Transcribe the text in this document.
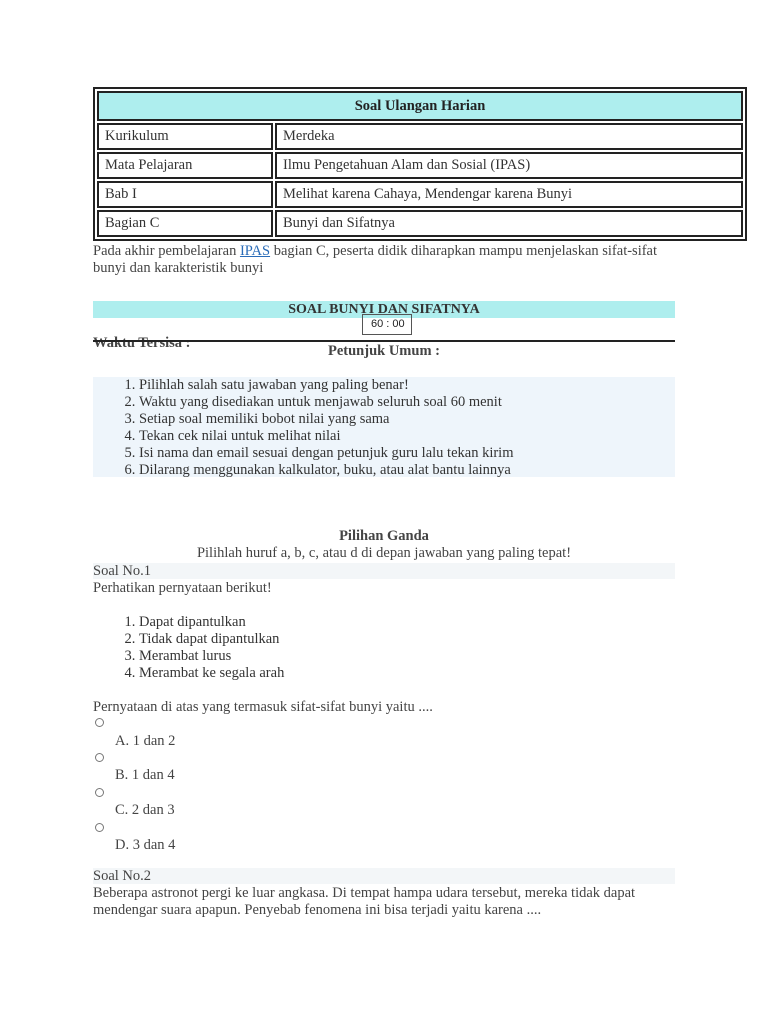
Soal Ulangan Harian	
Kurikulum	Merdeka
Mata Pelajaran	Ilmu Pengetahuan Alam dan Sosial (IPAS)
Bab I	Melihat karena Cahaya, Mendengar karena Bunyi
Bagian C	Bunyi dan Sifatnya

Pada akhir pembelajaran IPAS bagian C, peserta didik diharapkan mampu menjelaskan sifat-sifat bunyi dan karakteristik bunyi

SOAL BUNYI DAN SIFATNYA
Waktu Tersisa :
60 : 00
Petunjuk Umum :
1. Pilihlah salah satu jawaban yang paling benar!
2. Waktu yang disediakan untuk menjawab seluruh soal 60 menit
3. Setiap soal memiliki bobot nilai yang sama
4. Tekan cek nilai untuk melihat nilai
5. Isi nama dan email sesuai dengan petunjuk guru lalu tekan kirim
6. Dilarang menggunakan kalkulator, buku, atau alat bantu lainnya
Pilihan Ganda
Pilihlah huruf a, b, c, atau d di depan jawaban yang paling tepat!
Soal No.1
Perhatikan pernyataan berikut!
1. Dapat dipantulkan
2. Tidak dapat dipantulkan
3. Merambat lurus
4. Merambat ke segala arah
Pernyataan di atas yang termasuk sifat-sifat bunyi yaitu ....
A. 1 dan 2
B. 1 dan 4
C. 2 dan 3
D. 3 dan 4
Soal No.2
Beberapa astronot pergi ke luar angkasa. Di tempat hampa udara tersebut, mereka tidak dapat mendengar suara apapun. Penyebab fenomena ini bisa terjadi yaitu karena ....
